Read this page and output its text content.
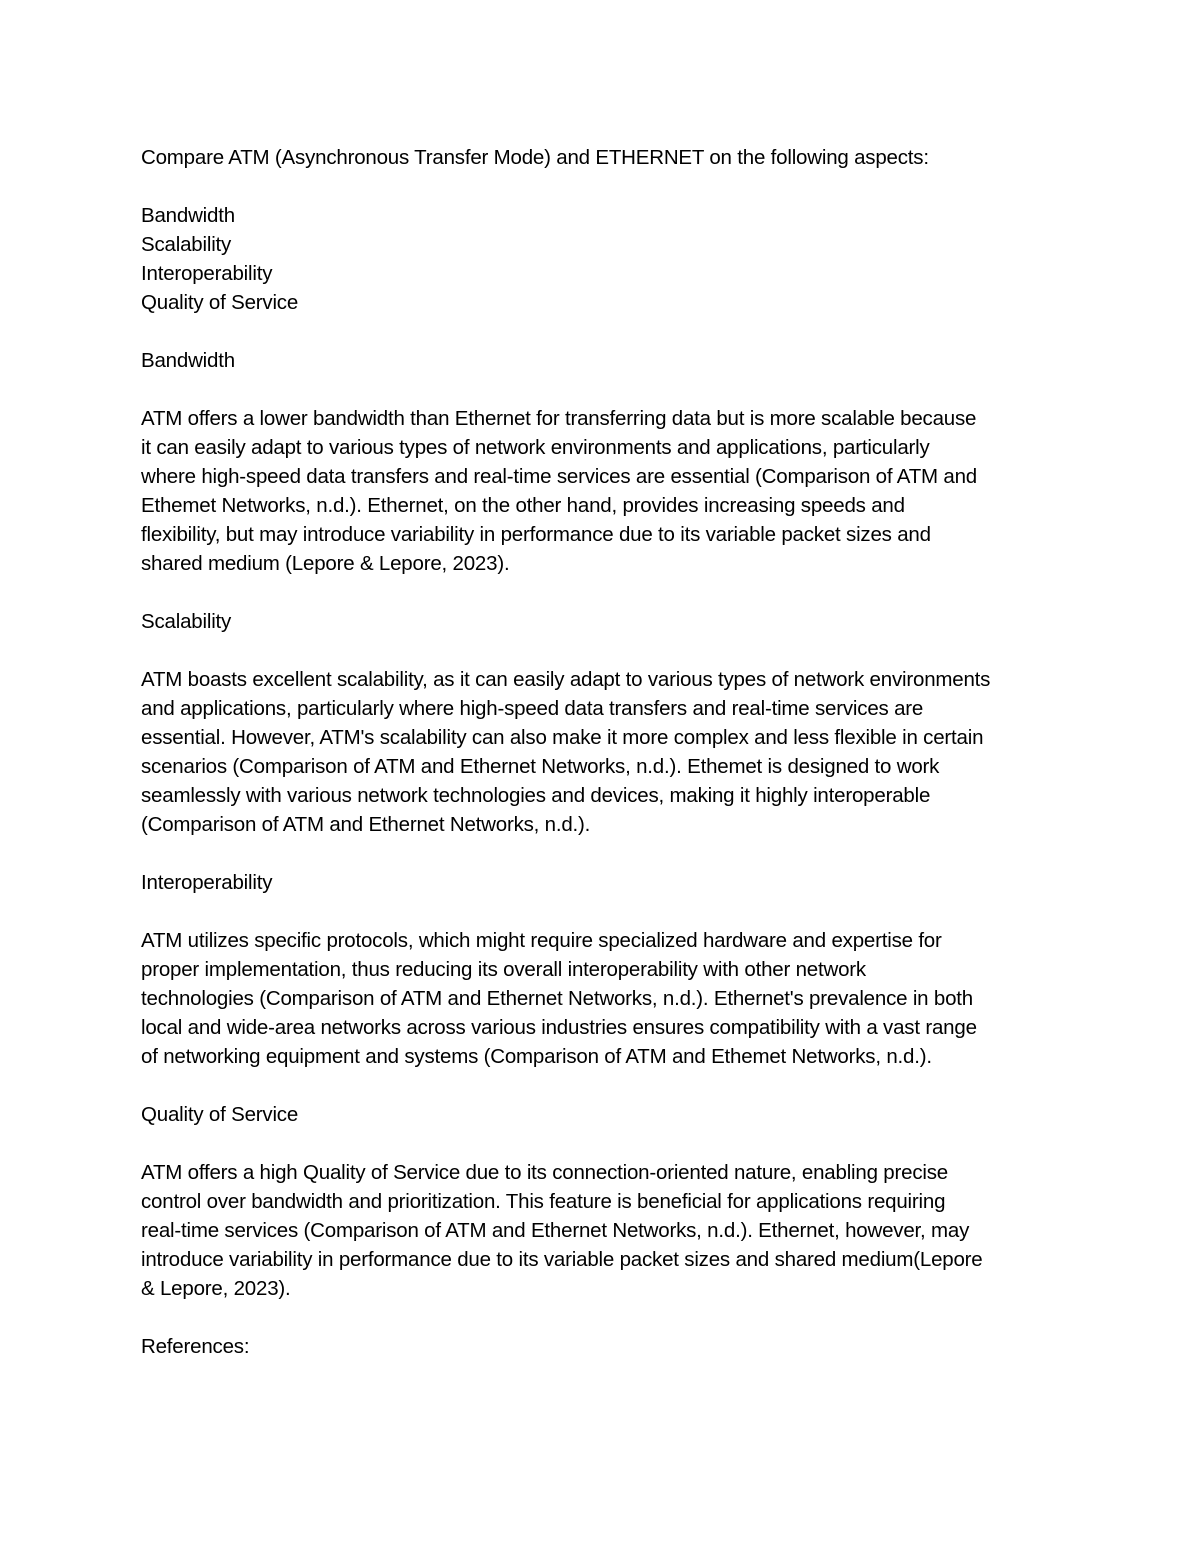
Compare ATM (Asynchronous Transfer Mode) and ETHERNET on the following aspects:

Bandwidth
Scalability
Interoperability
Quality of Service

Bandwidth

ATM offers a lower bandwidth than Ethernet for transferring data but is more scalable because
it can easily adapt to various types of network environments and applications, particularly
where high-speed data transfers and real-time services are essential (Comparison of ATM and
Ethemet Networks, n.d.). Ethernet, on the other hand, provides increasing speeds and
flexibility, but may introduce variability in performance due to its variable packet sizes and
shared medium (Lepore & Lepore, 2023).

Scalability

ATM boasts excellent scalability, as it can easily adapt to various types of network environments
and applications, particularly where high-speed data transfers and real-time services are
essential. However, ATM's scalability can also make it more complex and less flexible in certain
scenarios (Comparison of ATM and Ethernet Networks, n.d.). Ethemet is designed to work
seamlessly with various network technologies and devices, making it highly interoperable
(Comparison of ATM and Ethernet Networks, n.d.).

Interoperability

ATM utilizes specific protocols, which might require specialized hardware and expertise for
proper implementation, thus reducing its overall interoperability with other network
technologies (Comparison of ATM and Ethernet Networks, n.d.). Ethernet's prevalence in both
local and wide-area networks across various industries ensures compatibility with a vast range
of networking equipment and systems (Comparison of ATM and Ethemet Networks, n.d.).

Quality of Service

ATM offers a high Quality of Service due to its connection-oriented nature, enabling precise
control over bandwidth and prioritization. This feature is beneficial for applications requiring
real-time services (Comparison of ATM and Ethernet Networks, n.d.). Ethernet, however, may
introduce variability in performance due to its variable packet sizes and shared medium(Lepore
& Lepore, 2023).

References:
